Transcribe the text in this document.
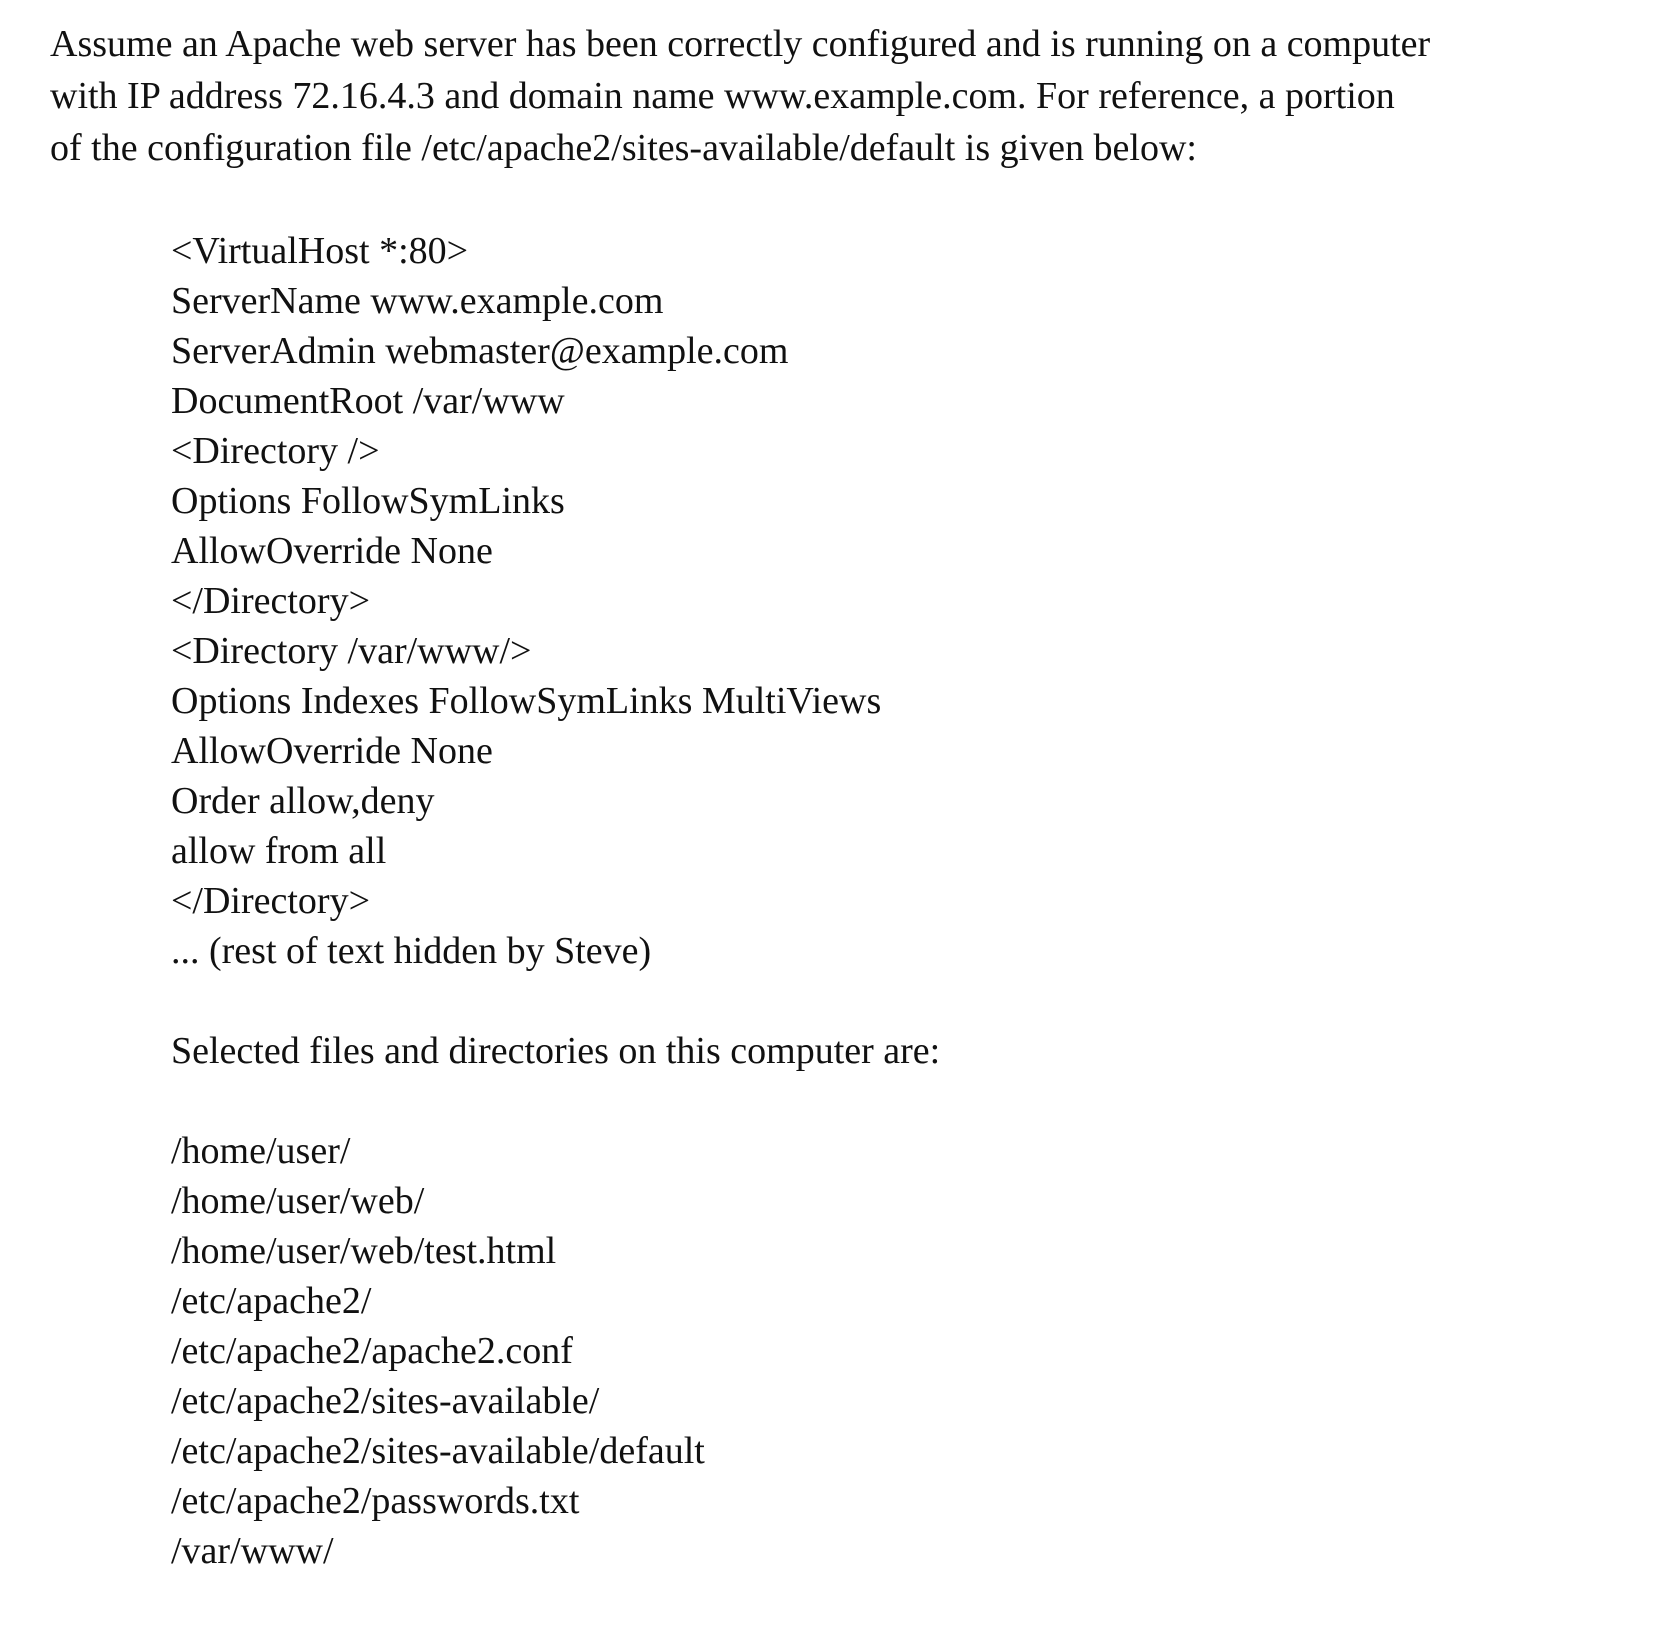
Assume an Apache web server has been correctly configured and is running on a computer
with IP address 72.16.4.3 and domain name www.example.com. For reference, a portion
of the configuration file /etc/apache2/sites-available/default is given below:
<VirtualHost *:80>
ServerName www.example.com
ServerAdmin webmaster@example.com
DocumentRoot /var/www
<Directory />
Options FollowSymLinks
AllowOverride None
</Directory>
<Directory /var/www/>
Options Indexes FollowSymLinks MultiViews
AllowOverride None
Order allow,deny
allow from all
</Directory>
... (rest of text hidden by Steve)
Selected files and directories on this computer are:
/home/user/
/home/user/web/
/home/user/web/test.html
/etc/apache2/
/etc/apache2/apache2.conf
/etc/apache2/sites-available/
/etc/apache2/sites-available/default
/etc/apache2/passwords.txt
/var/www/
